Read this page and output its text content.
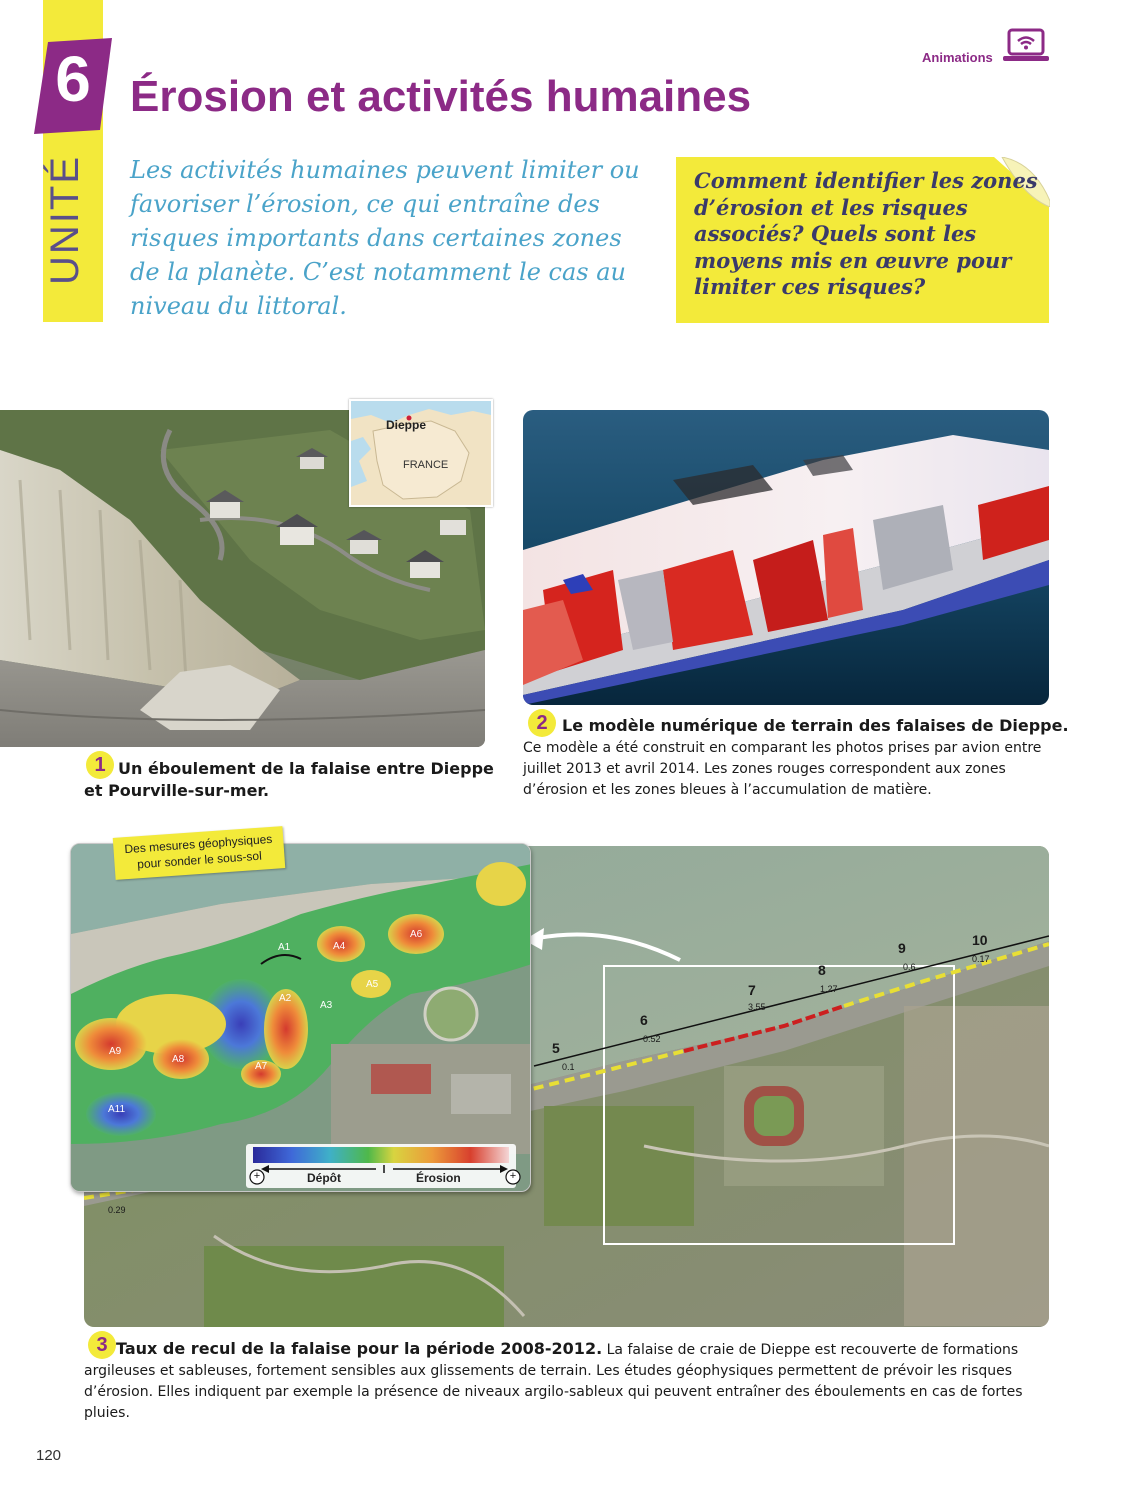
6
UNITÉ
Érosion et activités humaines
Animations

Les activités humaines peuvent limiter ou favoriser l’érosion, ce qui entraîne des risques importants dans certaines zones de la planète. C’est notamment le cas au niveau du littoral.

Comment identifier les zones d’érosion et les risques associés? Quels sont les moyens mis en œuvre pour limiter ces risques?

Dieppe
FRANCE
1 Un éboulement de la falaise entre Dieppe et Pourville-sur-mer.

2 Le modèle numérique de terrain des falaises de Dieppe.

Ce modèle a été construit en comparant les photos prises par avion entre juillet 2013 et avril 2014. Les zones rouges correspondent aux zones d’érosion et les zones bleues à l’accumulation de matière.

5
0.1
6
0.52
7
3.55
8
1.27
9
0.6
10
0.17
0.29
A1
A2
A3
A4
A5
A6
A7
A8
A9
A11
Dépôt	Érosion
+	+
Des mesures géophysiques pour sonder le sous-sol
3 Taux de recul de la falaise pour la période 2008-2012. La falaise de craie de Dieppe est recouverte de formations argileuses et sableuses, fortement sensibles aux glissements de terrain. Les études géophysiques permettent de prévoir les risques d’érosion. Elles indiquent par exemple la présence de niveaux argilo-sableux qui peuvent entraîner des éboulements en cas de fortes pluies.

120
